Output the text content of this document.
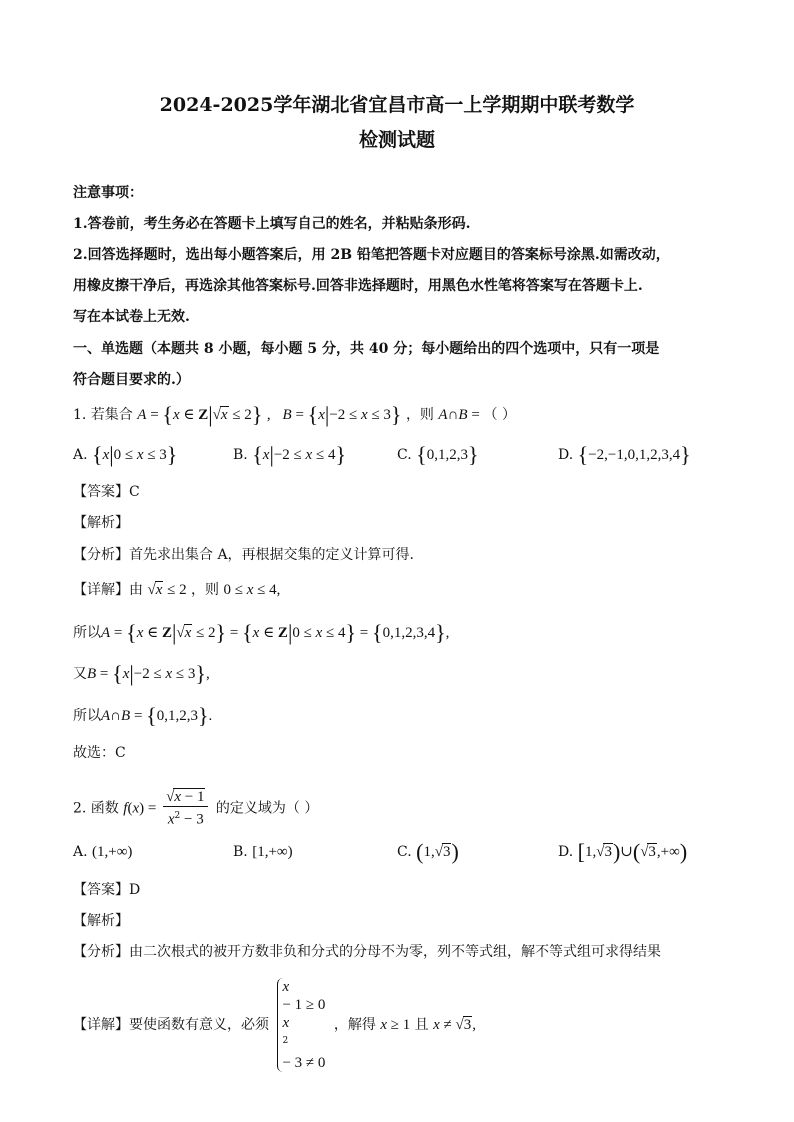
2024-2025学年湖北省宜昌市高一上学期期中联考数学
检测试题
注意事项：
1.答卷前，考生务必在答题卡上填写自己的姓名，并粘贴条形码.
2.回答选择题时，选出每小题答案后，用 2B 铅笔把答题卡对应题目的答案标号涂黑.如需改动，
用橡皮擦干净后，再选涂其他答案标号.回答非选择题时，用黑色水性笔将答案写在答题卡上.
写在本试卷上无效.
一、单选题（本题共 8 小题，每小题 5 分，共 40 分；每小题给出的四个选项中，只有一项是
符合题目要求的.）
1. 若集合 A = {x ∈ Z|√x ≤ 2} ,   B = {x|−2 ≤ x ≤ 3} ，则 A∩B = （ ）
A. {x|0 ≤ x ≤ 3}	B. {x|−2 ≤ x ≤ 4}	C. {0,1,2,3}	D. {−2,−1,0,1,2,3,4}
【答案】C
【解析】
【分析】首先求出集合 A，再根据交集的定义计算可得.
【详解】由 √x ≤ 2 ，则 0 ≤ x ≤ 4,
所以A = {x ∈ Z|√x ≤ 2} = {x ∈ Z|0 ≤ x ≤ 4} = {0,1,2,3,4},
又B = {x|−2 ≤ x ≤ 3},
所以A∩B = {0,1,2,3}.
故选：C
2. 函数 $f(x) = \frac{√x - 1}{x^2 - 3}$ 的定义域为（ ）
A. (1,+∞)	B. [1,+∞)	C. (1,√3)	D. [1,√3)∪(√3,+∞)
【答案】D
【解析】
【分析】由二次根式的被开方数非负和分式的分母不为零，列不等式组，解不等式组可求得结果
【详解】要使函数有意义，必须
x
− 1 ≥ 0
x
$^2$
− 3 ≠ 0
，解得 x ≥ 1 且 x ≠ √3,
